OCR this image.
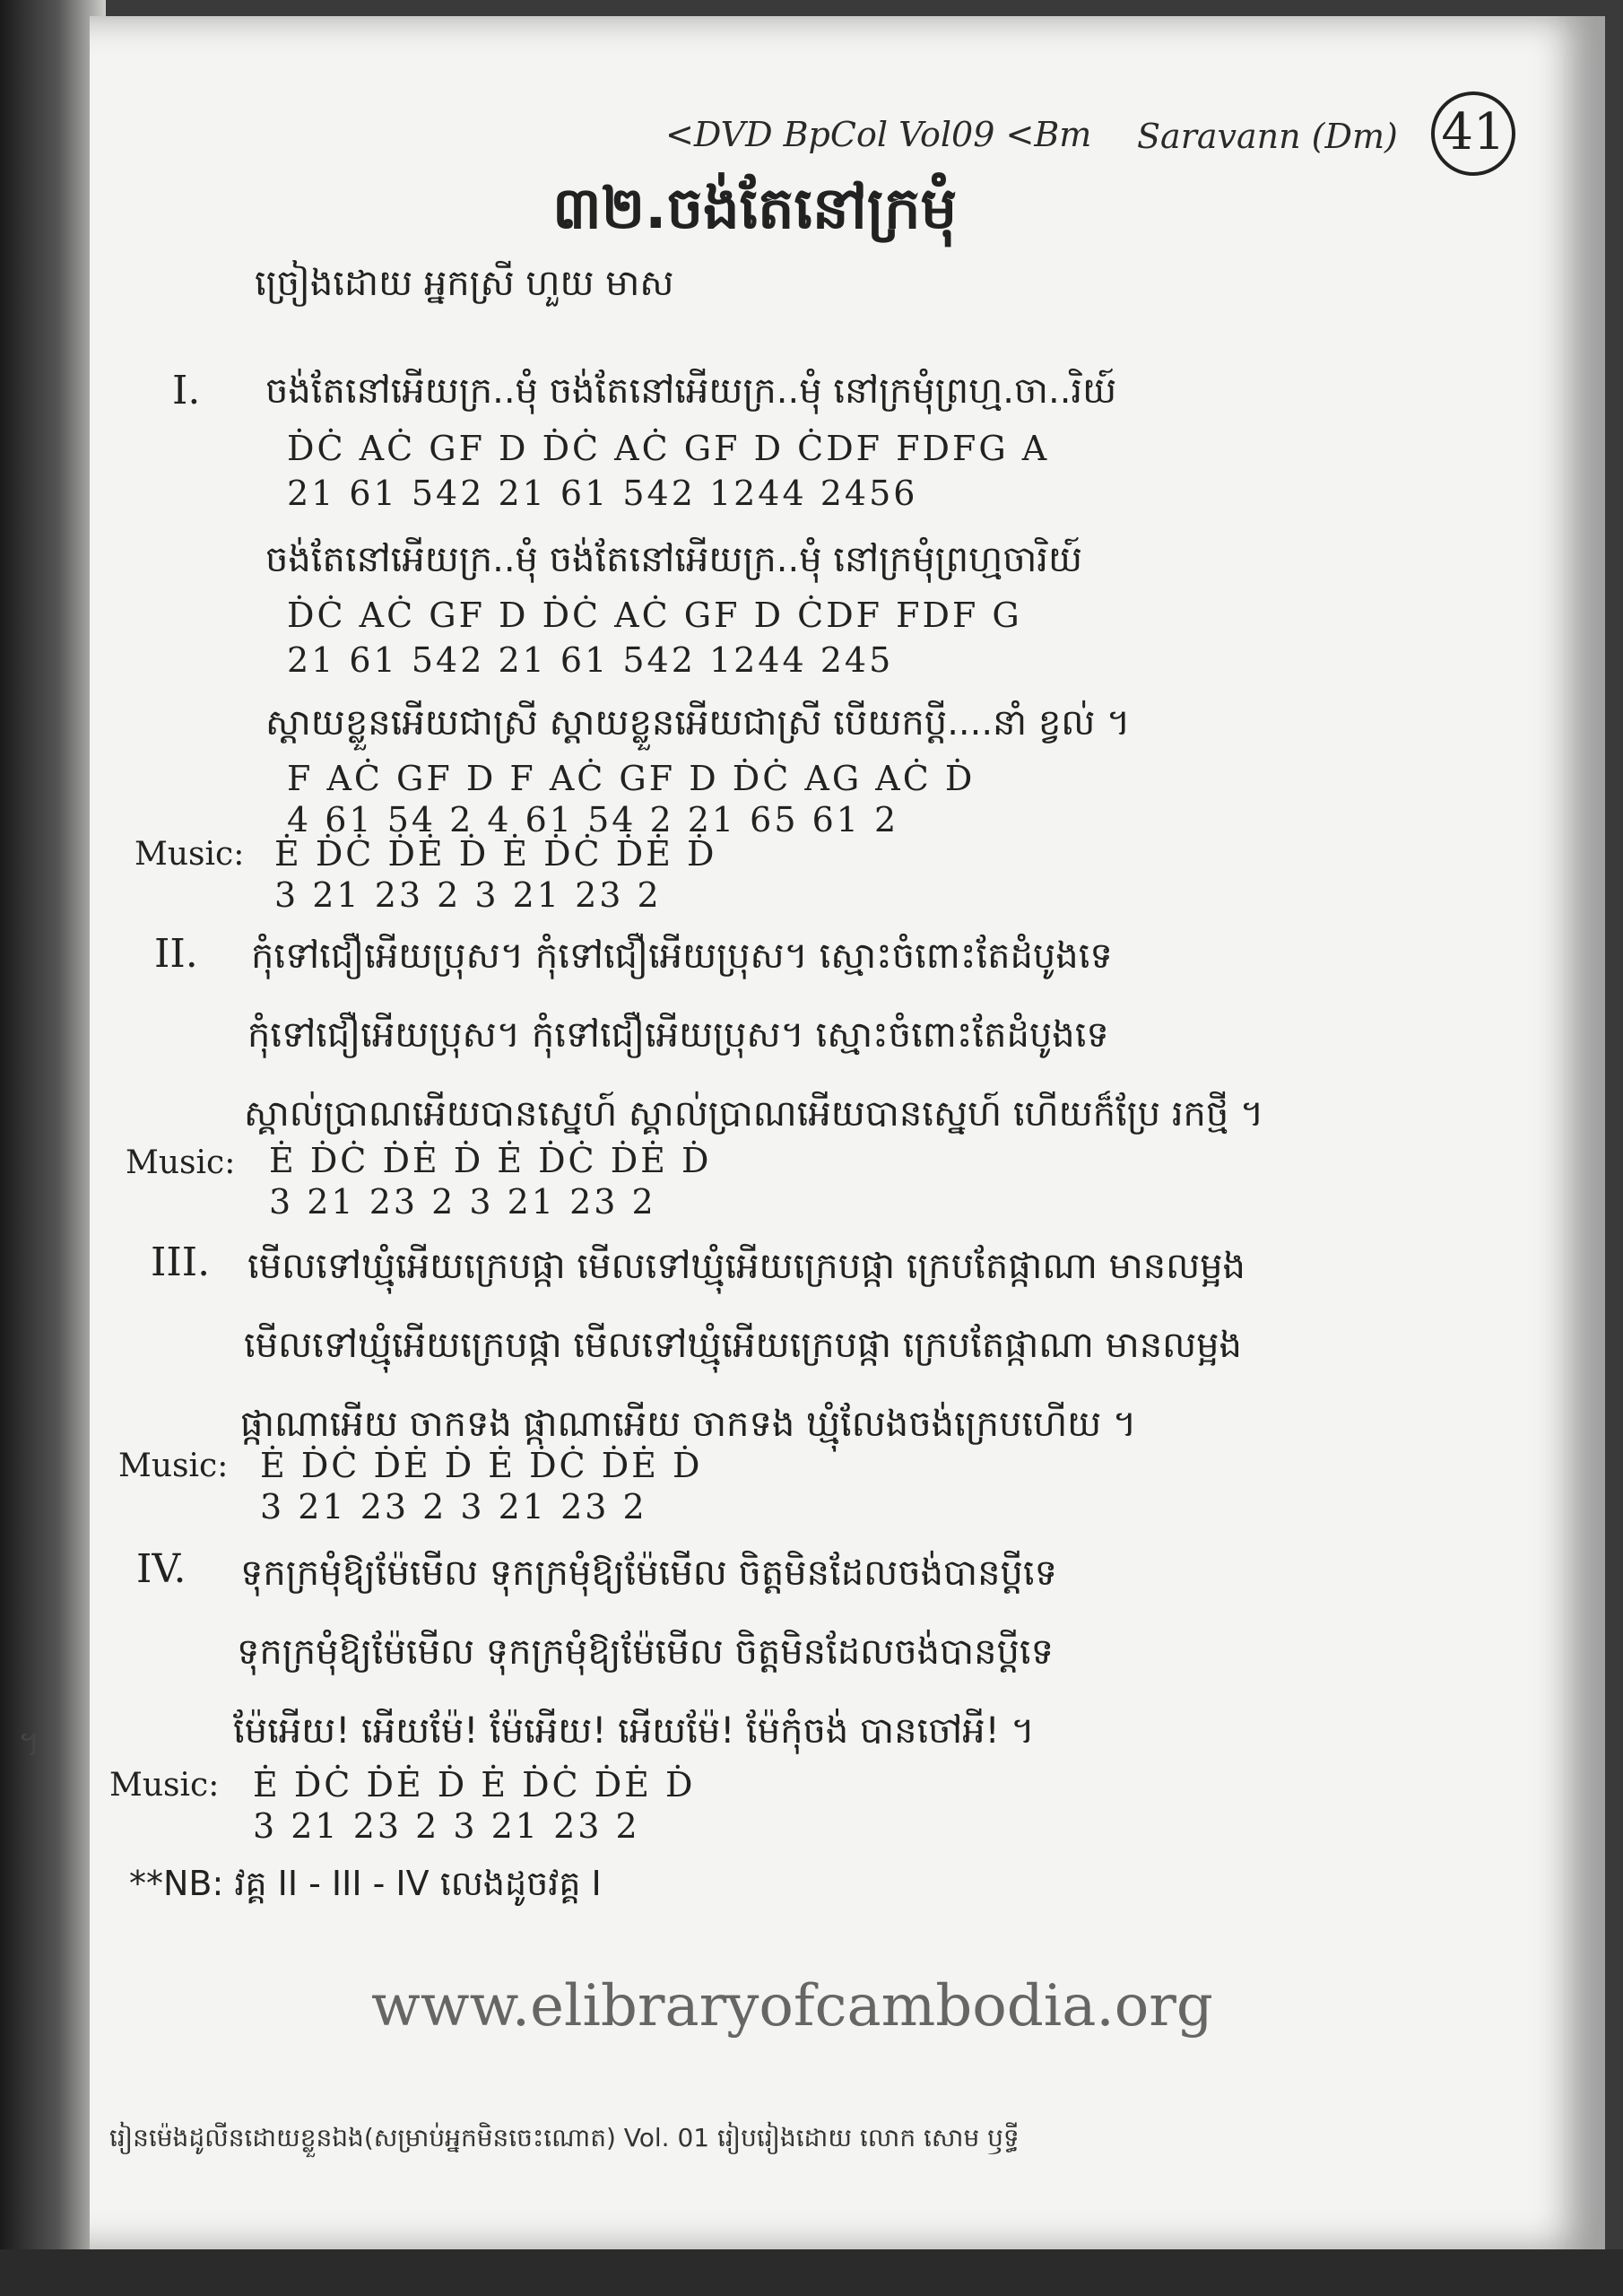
<DVD BpCol Vol09 <Bm Saravann (Dm) 41
៣២.ចង់តែនៅក្រមុំ
ច្រៀងដោយ អ្នកស្រី ហួយ មាស
I. ចង់តែនៅអើយក្រ..មុំ ចង់តែនៅអើយក្រ..មុំ នៅក្រមុំព្រហ្ម.ចា..រិយ៍
ḊĊ AĊ GF D ḊĊ AĊ GF D ĊDF FDFG A
21 61 542 21 61 542 1244 2456
ចង់តែនៅអើយក្រ..មុំ ចង់តែនៅអើយក្រ..មុំ នៅក្រមុំព្រហ្មចារិយ៍
ḊĊ AĊ GF D ḊĊ AĊ GF D ĊDF FDF G
21 61 542 21 61 542 1244 245
ស្តាយខ្លួនអើយជាស្រី ស្តាយខ្លួនអើយជាស្រី បើយកប្តី....នាំ ខ្វល់ ។
F AĊ GF D F AĊ GF D ḊĊ AG AĊ Ḋ
4 61 54 2 4 61 54 2 21 65 61 2
Music: Ė ḊĊ ḊĖ Ḋ Ė ḊĊ ḊĖ Ḋ
3 21 23 2 3 21 23 2
II. កុំទៅជឿអើយប្រុស។ កុំទៅជឿអើយប្រុស។ ស្មោះចំពោះតែដំបូងទេ
កុំទៅជឿអើយប្រុស។ កុំទៅជឿអើយប្រុស។ ស្មោះចំពោះតែដំបូងទេ
ស្គាល់ប្រាណអើយបានស្នេហ៍ ស្គាល់ប្រាណអើយបានស្នេហ៍ ហើយក៏ប្រែ រកថ្មី ។
Music: Ė ḊĊ ḊĖ Ḋ Ė ḊĊ ḊĖ Ḋ
3 21 23 2 3 21 23 2
III. មើលទៅឃ្មុំអើយក្រេបផ្កា មើលទៅឃ្មុំអើយក្រេបផ្កា ក្រេបតែផ្កាណា មានលម្អង
មើលទៅឃ្មុំអើយក្រេបផ្កា មើលទៅឃ្មុំអើយក្រេបផ្កា ក្រេបតែផ្កាណា មានលម្អង
ផ្កាណាអើយ ចាកទង ផ្កាណាអើយ ចាកទង ឃ្មុំលែងចង់ក្រេបហើយ ។
Music: Ė ḊĊ ḊĖ Ḋ Ė ḊĊ ḊĖ Ḋ
3 21 23 2 3 21 23 2
IV. ទុកក្រមុំឱ្យម៉ែមើល ទុកក្រមុំឱ្យម៉ែមើល ចិត្តមិនដែលចង់បានប្តីទេ
ទុកក្រមុំឱ្យម៉ែមើល ទុកក្រមុំឱ្យម៉ែមើល ចិត្តមិនដែលចង់បានប្តីទេ
ម៉ែអើយ! អើយម៉ែ! ម៉ែអើយ! អើយម៉ែ! ម៉ែកុំចង់ បានចៅអី! ។
។
Music: Ė ḊĊ ḊĖ Ḋ Ė ḊĊ ḊĖ Ḋ
3 21 23 2 3 21 23 2
**NB: វគ្គ II - III - IV លេងដូចវគ្គ I
www.elibraryofcambodia.org
រៀនម៉េងដូលីនដោយខ្លួនឯង(សម្រាប់អ្នកមិនចេះណោត) Vol. 01 រៀបរៀងដោយ លោក សោម ឫទ្ធី
